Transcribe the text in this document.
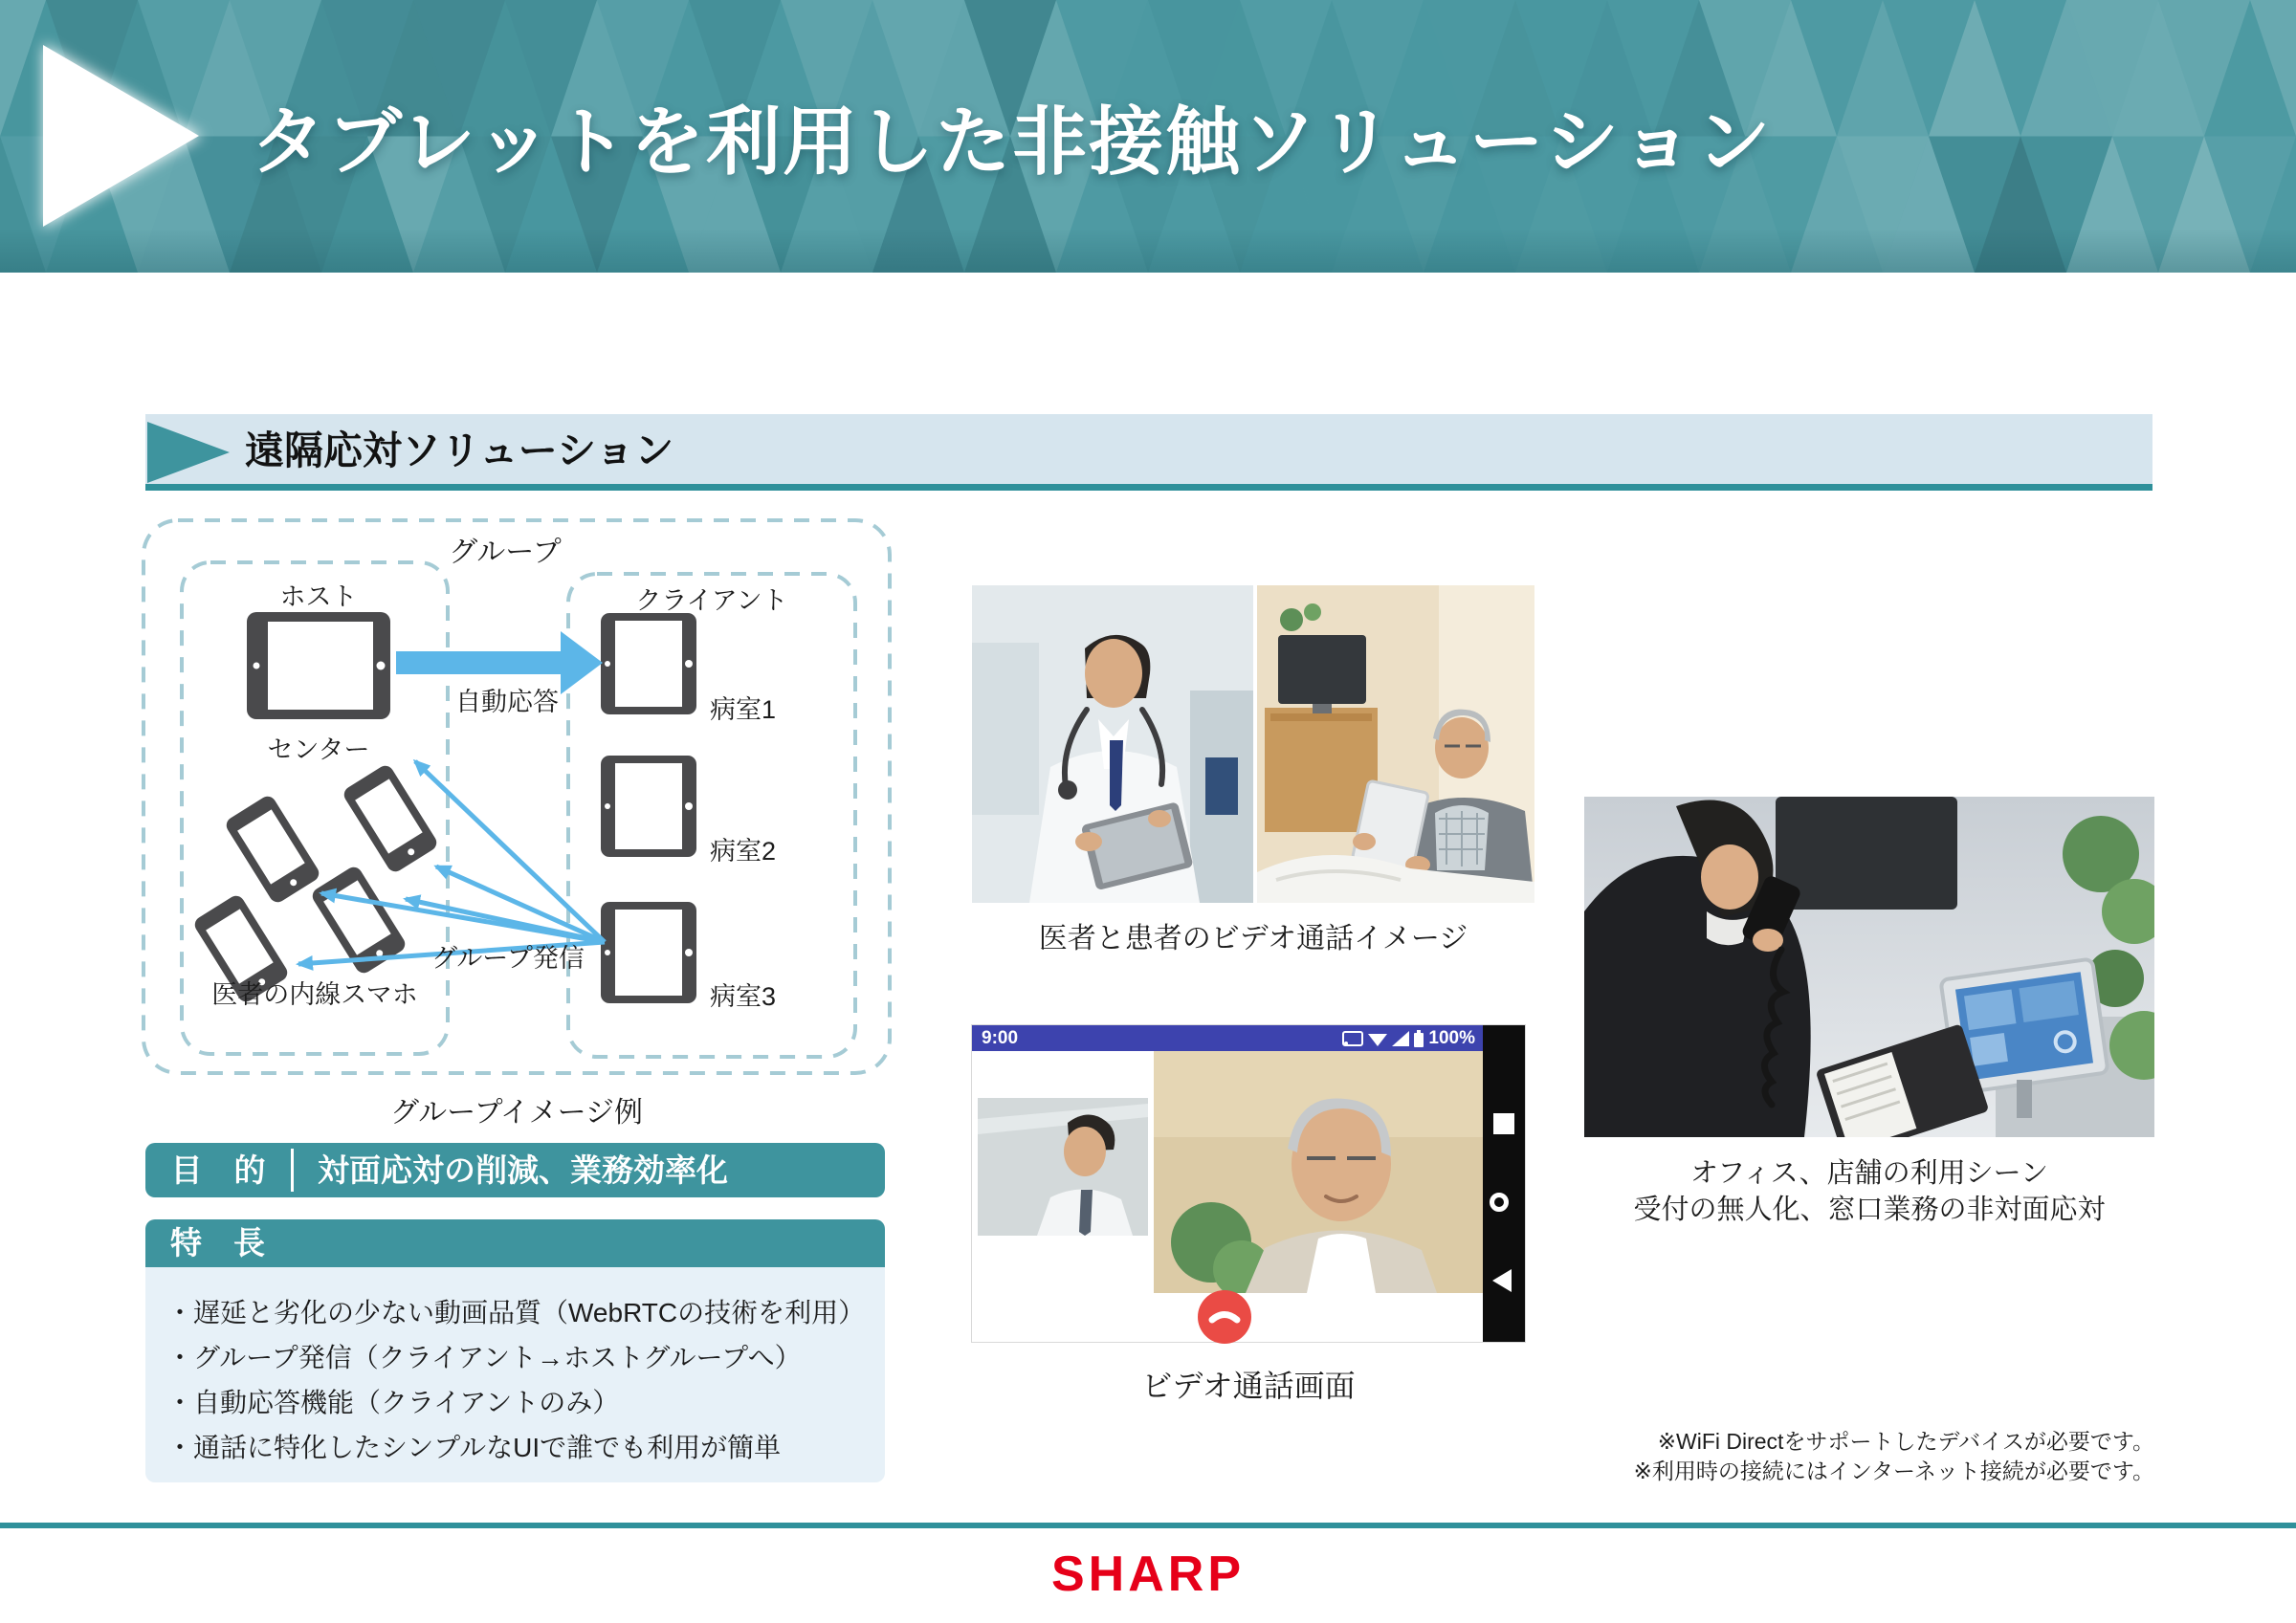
タブレットを利用した非接触ソリューション
遠隔応対ソリューション
グループ
ホスト
センター
自動応答
クライアント
病室1
病室2
病室3
グループ発信
医者の内線スマホ
グループイメージ例
目　的	対面応対の削減、業務効率化
特　長
・遅延と劣化の少ない動画品質（WebRTCの技術を利用）
・グループ発信（クライアント→ホストグループへ）
・自動応答機能（クライアントのみ）
・通話に特化したシンプルなUIで誰でも利用が簡単
医者と患者のビデオ通話イメージ
9:00	100%
ビデオ通話画面
オフィス、店舗の利用シーン
受付の無人化、窓口業務の非対面応対
※WiFi Directをサポートしたデバイスが必要です。
※利用時の接続にはインターネット接続が必要です。
SHARP
